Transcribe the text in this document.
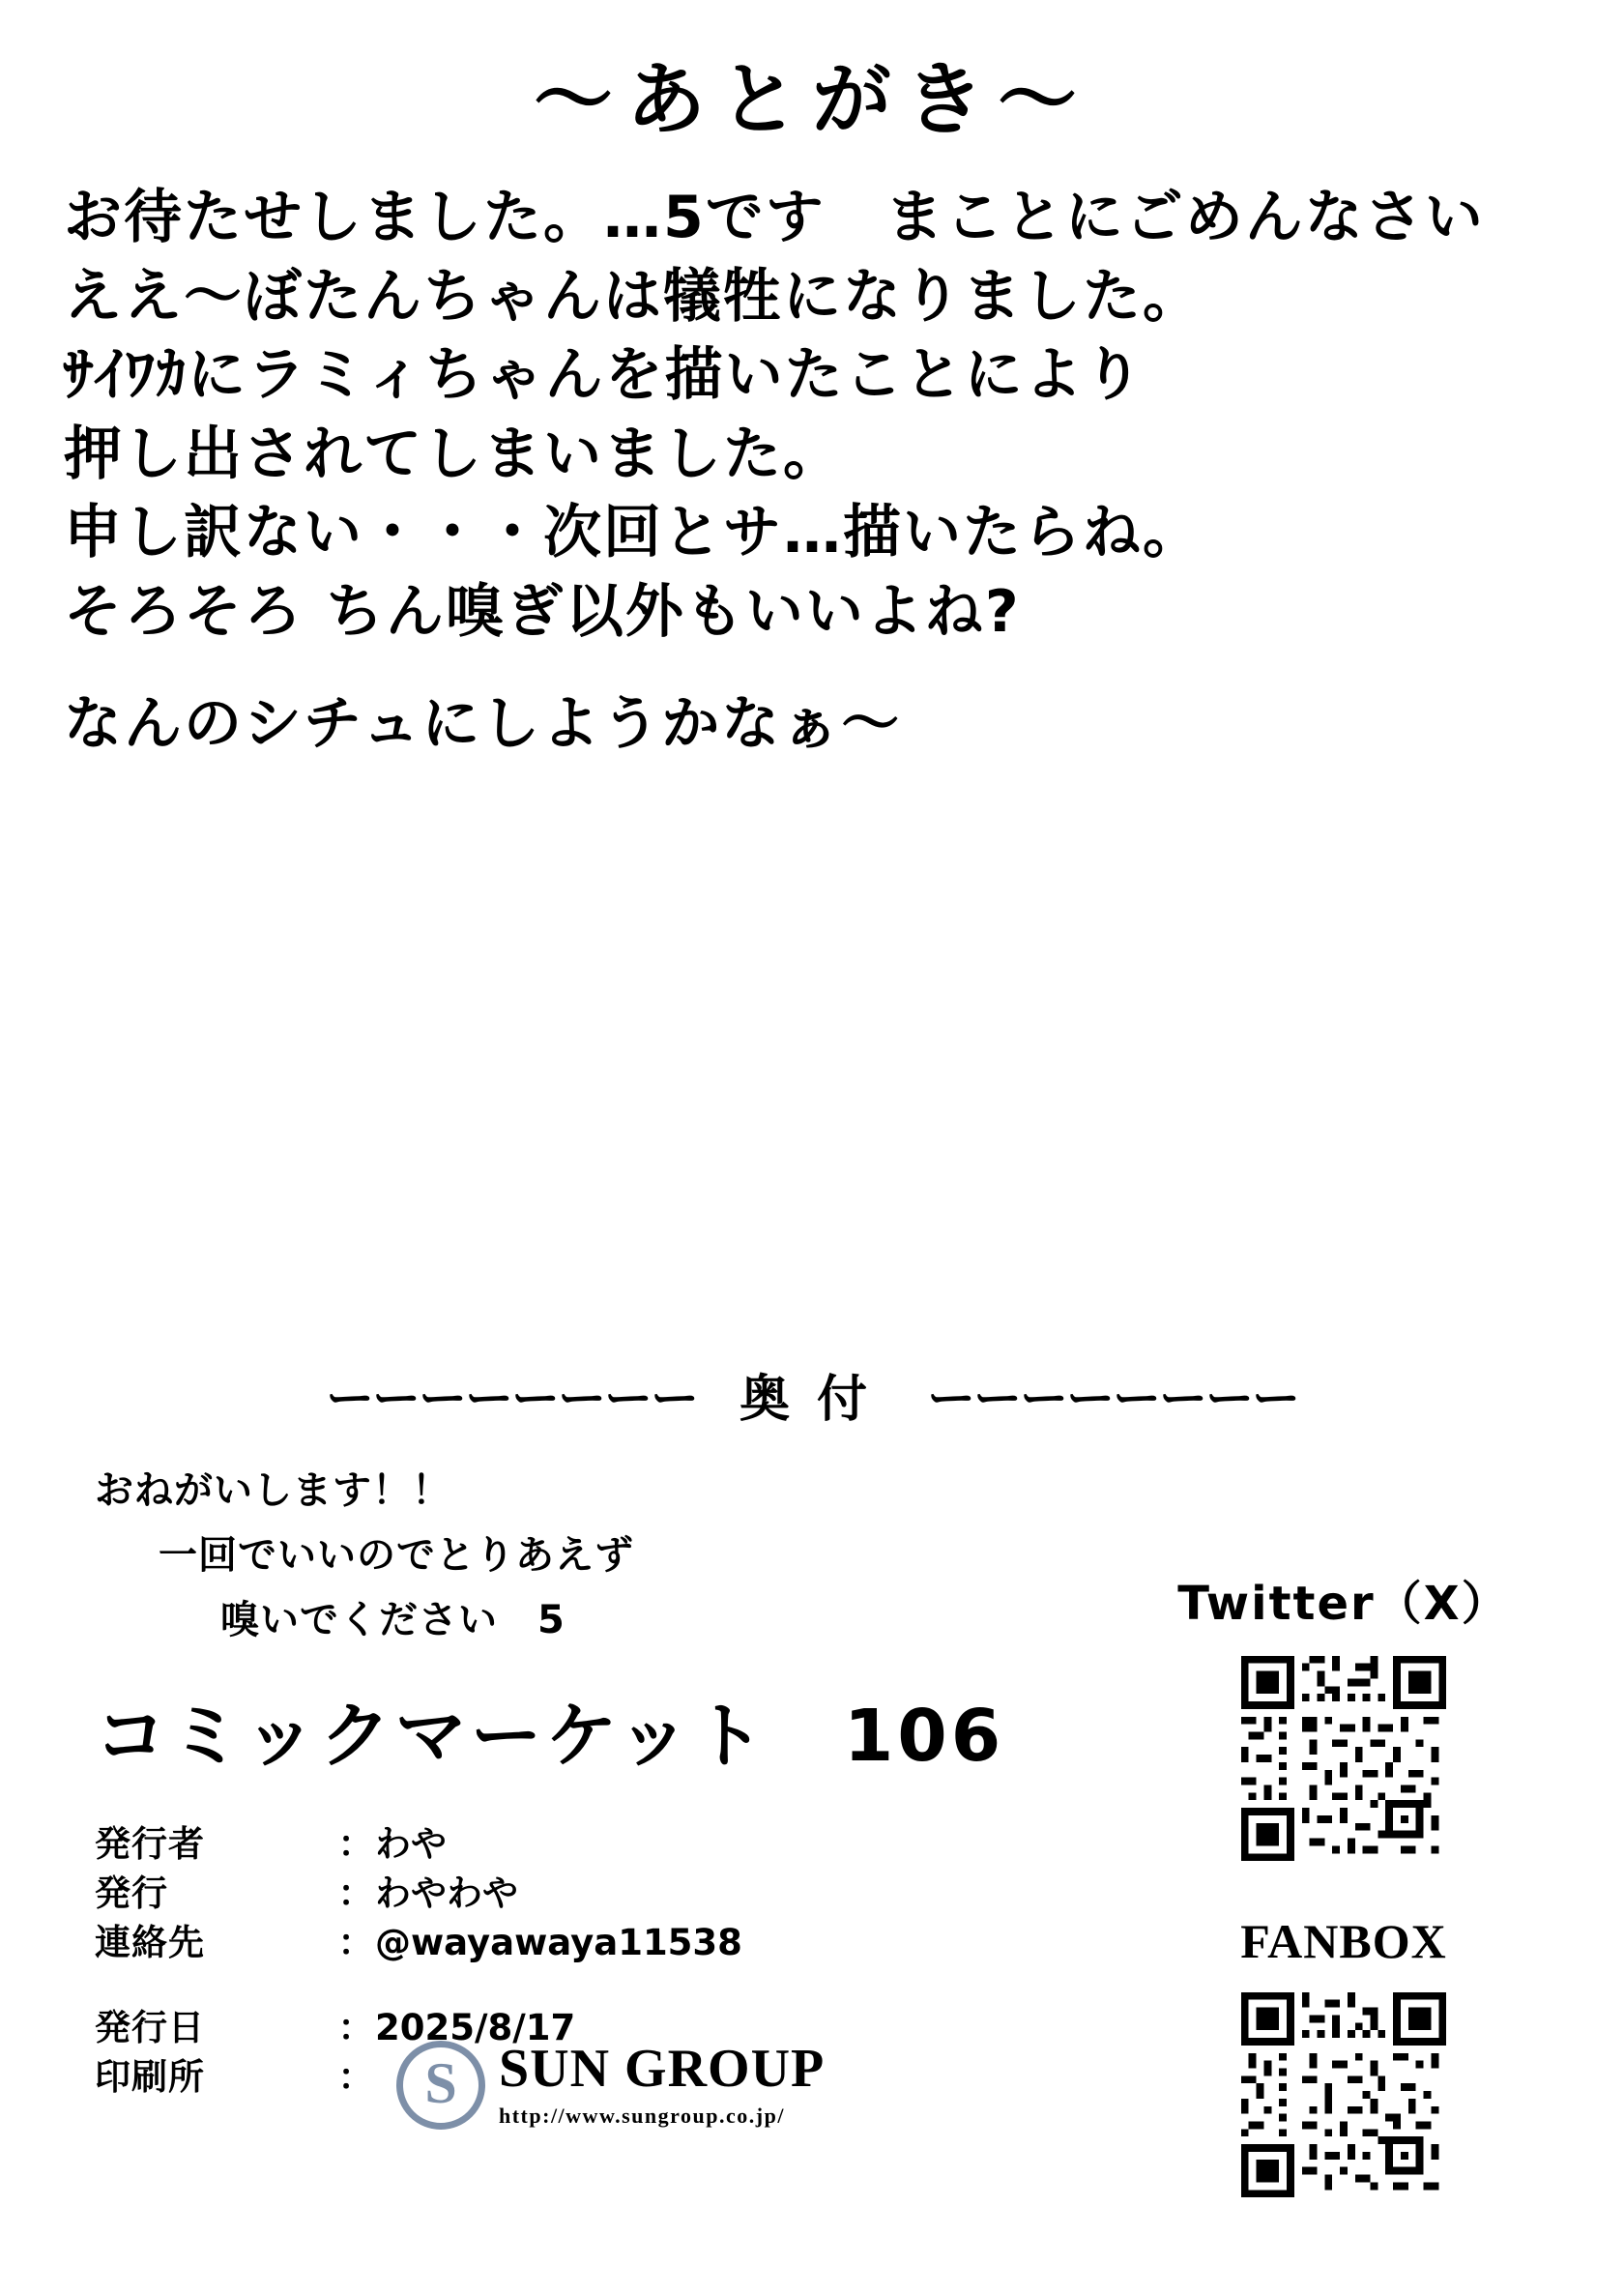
〜あとがき〜
お待たせしました。…5です　まことにごめんなさい
ええ〜ぼたんちゃんは犠牲になりました。
ｻｲﾜｶにラミィちゃんを描いたことにより
押し出されてしまいました。
申し訳ない・・・次回とサ…描いたらね。
そろそろ ちん嗅ぎ以外もいいよね?
なんのシチュにしようかなぁ〜
ーーーーーーーー 奥付 ーーーーーーーー
おねがいします！！
一回でいいのでとりあえず
嗅いでください　5
コミックマーケット　106
発行者	：	わや
発行	：	わやわや
連絡先	：	@wayawaya11538
発行日	：	2025/8/17
印刷所	：	
SSUN GROUP
http://www.sungroup.co.jp/
Twitter（X）
FANBOX
